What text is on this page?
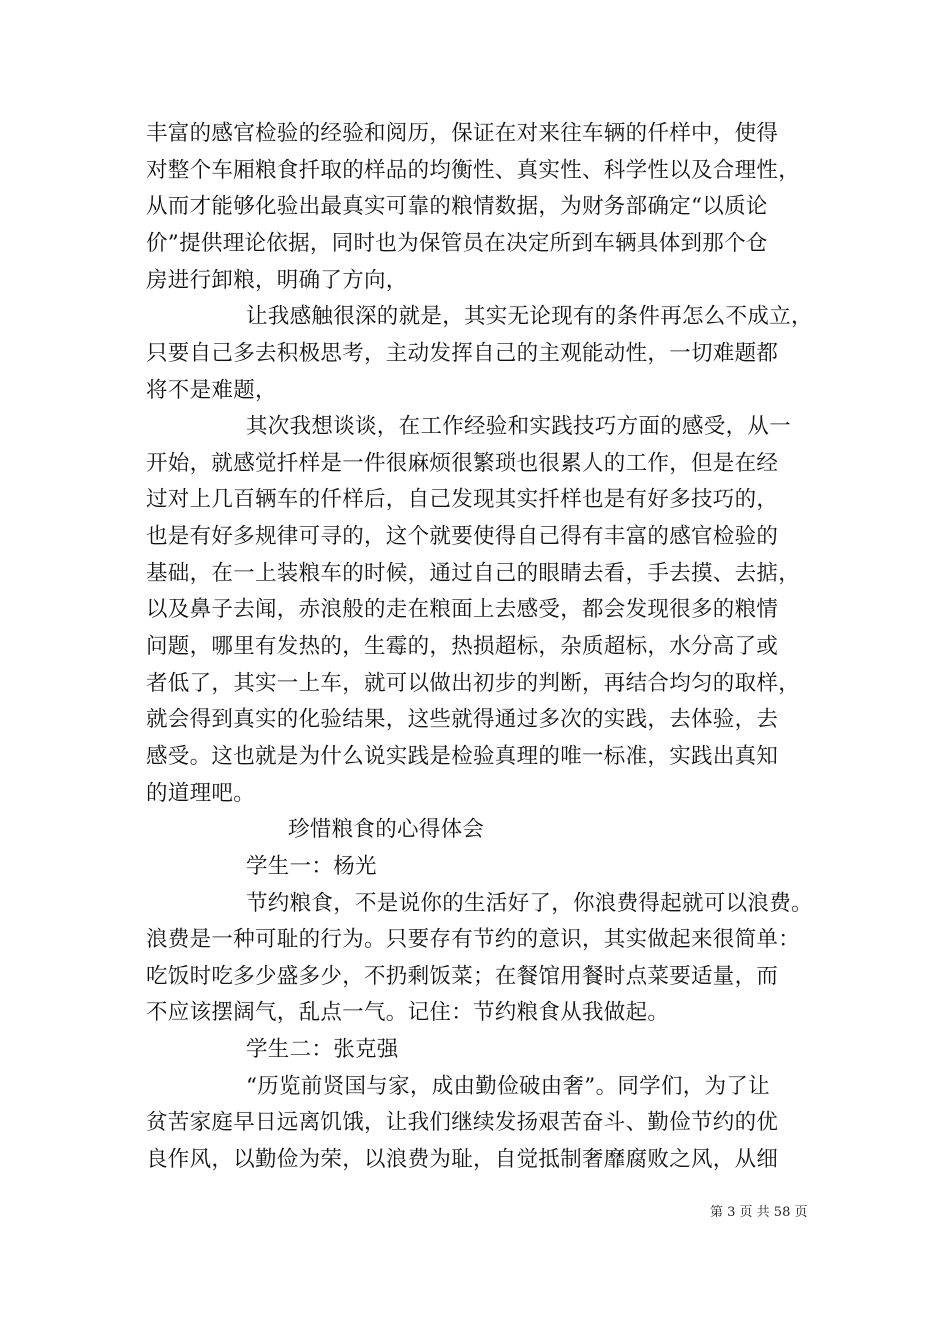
丰富的感官检验的经验和阅历，保证在对来往车辆的仟样中，使得
对整个车厢粮食扦取的样品的均衡性、真实性、科学性以及合理性，
从而才能够化验出最真实可靠的粮情数据，为财务部确定“以质论
价”提供理论依据，同时也为保管员在决定所到车辆具体到那个仓
房进行卸粮，明确了方向，
让我感触很深的就是，其实无论现有的条件再怎么不成立，
只要自己多去积极思考，主动发挥自己的主观能动性，一切难题都
将不是难题，
其次我想谈谈，在工作经验和实践技巧方面的感受，从一
开始，就感觉扦样是一件很麻烦很繁琐也很累人的工作，但是在经
过对上几百辆车的仟样后，自己发现其实扦样也是有好多技巧的，
也是有好多规律可寻的，这个就要使得自己得有丰富的感官检验的
基础，在一上装粮车的时候，通过自己的眼睛去看，手去摸、去掂，
以及鼻子去闻，赤浪般的走在粮面上去感受，都会发现很多的粮情
问题，哪里有发热的，生霉的，热损超标，杂质超标，水分高了或
者低了，其实一上车，就可以做出初步的判断，再结合均匀的取样，
就会得到真实的化验结果，这些就得通过多次的实践，去体验，去
感受。这也就是为什么说实践是检验真理的唯一标准，实践出真知
的道理吧。
珍惜粮食的心得体会
学生一：杨光
节约粮食，不是说你的生活好了，你浪费得起就可以浪费。
浪费是一种可耻的行为。只要存有节约的意识，其实做起来很简单：
吃饭时吃多少盛多少，不扔剩饭菜；在餐馆用餐时点菜要适量，而
不应该摆阔气，乱点一气。记住：节约粮食从我做起。
学生二：张克强
“历览前贤国与家，成由勤俭破由奢”。同学们，为了让
贫苦家庭早日远离饥饿，让我们继续发扬艰苦奋斗、勤俭节约的优
良作风，以勤俭为荣，以浪费为耻，自觉抵制奢靡腐败之风，从细
第 3 页 共 58 页
